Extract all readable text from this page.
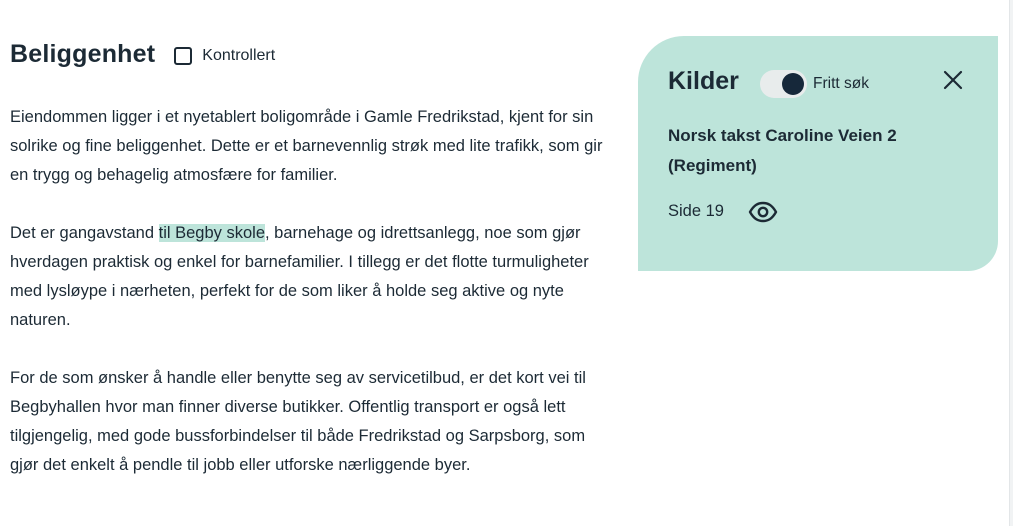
Beliggenhet	Kontrollert

Eiendommen ligger i et nyetablert boligområde i Gamle Fredrikstad, kjent for sin solrike og fine beliggenhet. Dette er et barnevennlig strøk med lite trafikk, som gir en trygg og behagelig atmosfære for familier.

Det er gangavstand til Begby skole, barnehage og idrettsanlegg, noe som gjør hverdagen praktisk og enkel for barnefamilier. I tillegg er det flotte turmuligheter med lysløype i nærheten, perfekt for de som liker å holde seg aktive og nyte naturen.

For de som ønsker å handle eller benytte seg av servicetilbud, er det kort vei til Begbyhallen hvor man finner diverse butikker. Offentlig transport er også lett tilgjengelig, med gode bussforbindelser til både Fredrikstad og Sarpsborg, som gjør det enkelt å pendle til jobb eller utforske nærliggende byer.

Kilder	Fritt søk
Norsk takst Caroline Veien 2 (Regiment)
Side 19
